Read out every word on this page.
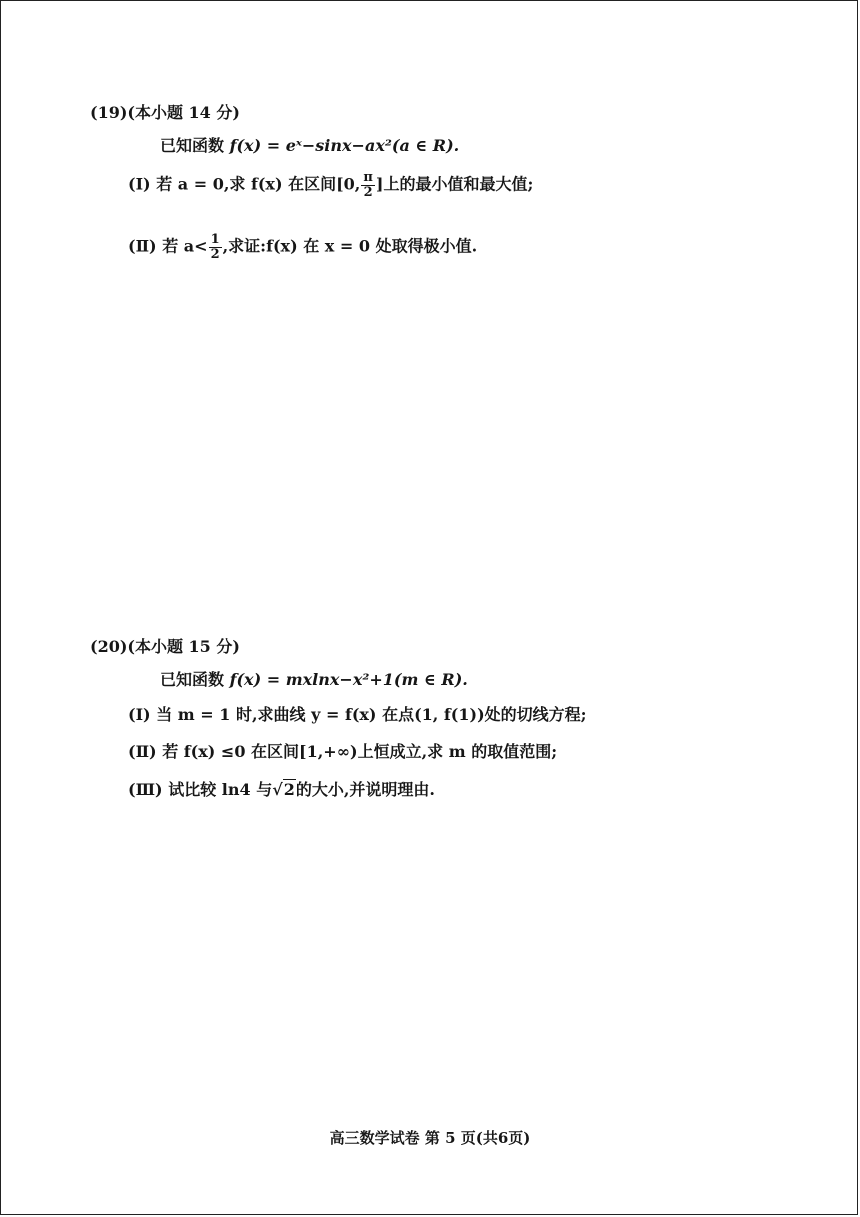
(19)(本小题 14 分)
已知函数 f(x) = eˣ−sinx−ax²(a ∈ R).
(Ⅰ) 若 a = 0,求 f(x) 在区间[0, $\frac{\pi}{2}$ ]上的最小值和最大值;
(Ⅱ) 若 $a< \frac{1}{2}$ ,求证:f(x) 在 x = 0 处取得极小值.
(20)(本小题 15 分)
已知函数 f(x) = mxlnx−x²+1(m ∈ R).
(Ⅰ) 当 m = 1 时,求曲线 y = f(x) 在点(1, f(1))处的切线方程;
(Ⅱ) 若 f(x) ≤0 在区间[1,+∞)上恒成立,求 m 的取值范围;
(Ⅲ) 试比较 ln4 与√2的大小,并说明理由.
高三数学试卷 第 5 页(共6页)
